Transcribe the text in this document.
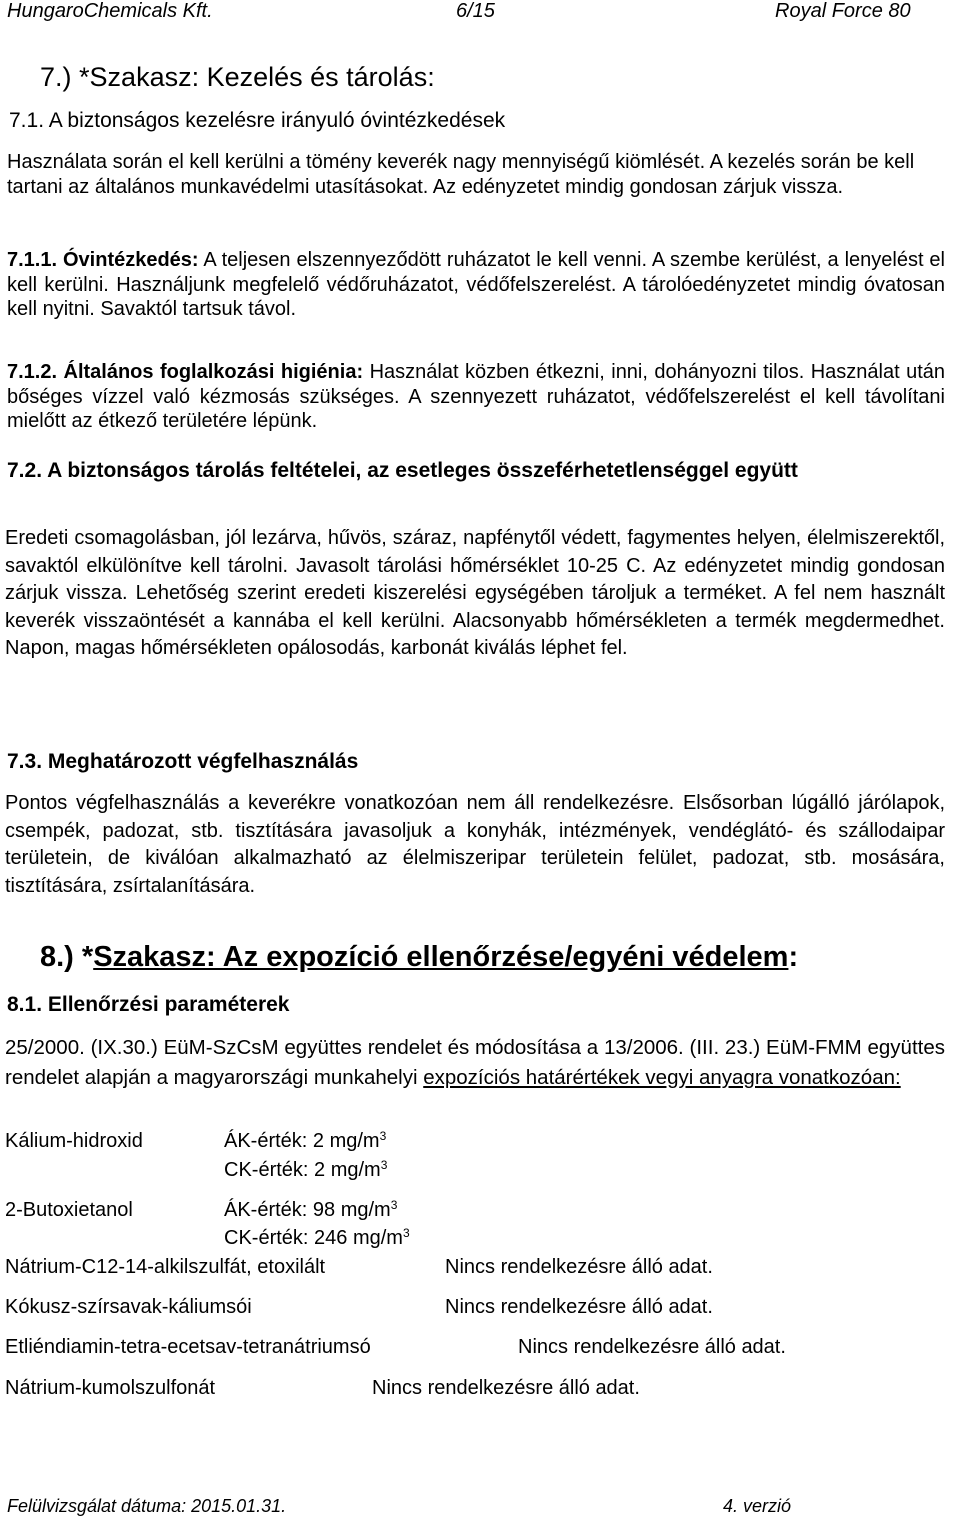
HungaroChemicals Kft.	6/15	Royal Force 80
7.) *Szakasz: Kezelés és tárolás:
7.1. A biztonságos kezelésre irányuló óvintézkedések
Használata során el kell kerülni a tömény keverék nagy mennyiségű kiömlését. A kezelés során be kell tartani az általános munkavédelmi utasításokat. Az edényzetet mindig gondosan zárjuk vissza.
7.1.1. Óvintézkedés: A teljesen elszennyeződött ruházatot le kell venni. A szembe kerülést, a lenyelést el kell kerülni. Használjunk megfelelő védőruházatot, védőfelszerelést. A tárolóedényzetet mindig óvatosan kell nyitni. Savaktól tartsuk távol.
7.1.2. Általános foglalkozási higiénia: Használat közben étkezni, inni, dohányozni tilos. Használat után bőséges vízzel való kézmosás szükséges. A szennyezett ruházatot, védőfelszerelést el kell távolítani mielőtt az étkező területére lépünk.
7.2. A biztonságos tárolás feltételei, az esetleges összeférhetetlenséggel együtt
Eredeti csomagolásban, jól lezárva, hűvös, száraz, napfénytől védett, fagymentes helyen, élelmiszerektől, savaktól elkülönítve kell tárolni. Javasolt tárolási hőmérséklet 10-25 C. Az edényzetet mindig gondosan zárjuk vissza. Lehetőség szerint eredeti kiszerelési egységében tároljuk a terméket. A fel nem használt keverék visszaöntését a kannába el kell kerülni. Alacsonyabb hőmérsékleten a termék megdermedhet. Napon, magas hőmérsékleten opálosodás, karbonát kiválás léphet fel.
7.3. Meghatározott végfelhasználás
Pontos végfelhasználás a keverékre vonatkozóan nem áll rendelkezésre. Elsősorban lúgálló járólapok, csempék, padozat, stb. tisztítására javasoljuk a konyhák, intézmények, vendéglátó- és szállodaipar területein, de kiválóan alkalmazható az élelmiszeripar területein felület, padozat, stb. mosására, tisztítására, zsírtalanítására.
8.) *Szakasz: Az expozíció ellenőrzése/egyéni védelem:
8.1. Ellenőrzési paraméterek
25/2000. (IX.30.) EüM-SzCsM együttes rendelet és módosítása a 13/2006. (III. 23.) EüM-FMM együttes rendelet alapján a magyarországi munkahelyi expozíciós határértékek vegyi anyagra vonatkozóan:
Kálium-hidroxid	ÁK-érték: 2 $mg/m^3$
CK-érték: 2 $mg/m^3$
2-Butoxietanol	ÁK-érték: 98 $mg/m^3$
CK-érték: 246 $mg/m^3$
Nátrium-C12-14-alkilszulfát, etoxilált	Nincs rendelkezésre álló adat.
Kókusz-szírsavak-káliumsói	Nincs rendelkezésre álló adat.
Etliéndiamin-tetra-ecetsav-tetranátriumsó	Nincs rendelkezésre álló adat.
Nátrium-kumolszulfonát	Nincs rendelkezésre álló adat.
Felülvizsgálat dátuma: 2015.01.31.	4. verzió
